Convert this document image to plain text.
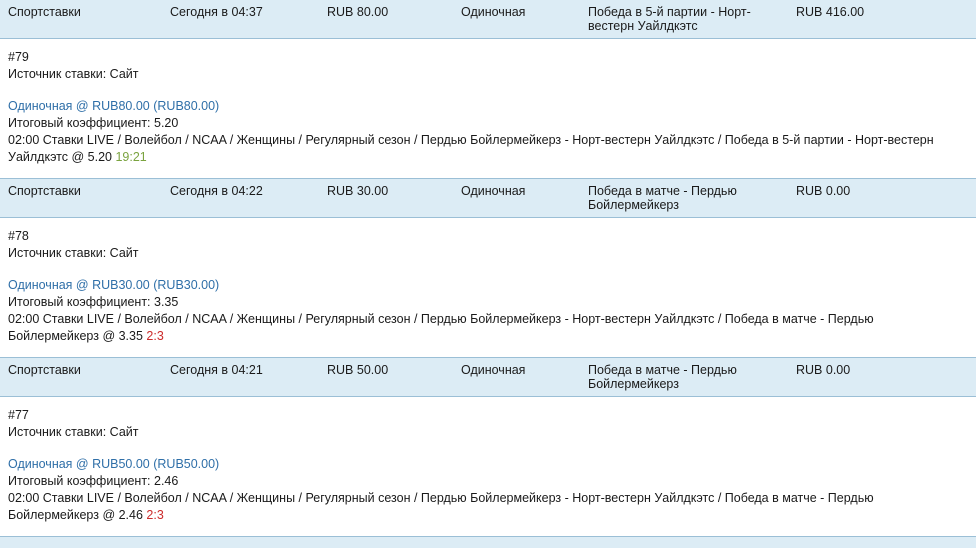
Спортставки	Сегодня в 04:37	RUB 80.00	Одиночная	Победа в 5-й партии - Норт-вестерн Уайлдкэтс	RUB 416.00

#79
Источник ставки: Сайт
Одиночная @ RUB80.00 (RUB80.00)
Итоговый коэффициент: 5.20
02:00 Ставки LIVE / Волейбол / NCAA / Женщины / Регулярный сезон / Пердью Бойлермейкерз - Норт-вестерн Уайлдкэтс / Победа в 5-й партии - Норт-вестерн Уайлдкэтс @ 5.20 19:21					

Спортставки	Сегодня в 04:22	RUB 30.00	Одиночная	Победа в матче - Пердью Бойлермейкерз	RUB 0.00

#78
Источник ставки: Сайт
Одиночная @ RUB30.00 (RUB30.00)
Итоговый коэффициент: 3.35
02:00 Ставки LIVE / Волейбол / NCAA / Женщины / Регулярный сезон / Пердью Бойлермейкерз - Норт-вестерн Уайлдкэтс / Победа в матче - Пердью Бойлермейкерз @ 3.35 2:3					

Спортставки	Сегодня в 04:21	RUB 50.00	Одиночная	Победа в матче - Пердью Бойлермейкерз	RUB 0.00

#77
Источник ставки: Сайт
Одиночная @ RUB50.00 (RUB50.00)
Итоговый коэффициент: 2.46
02:00 Ставки LIVE / Волейбол / NCAA / Женщины / Регулярный сезон / Пердью Бойлермейкерз - Норт-вестерн Уайлдкэтс / Победа в матче - Пердью Бойлермейкерз @ 2.46 2:3					
